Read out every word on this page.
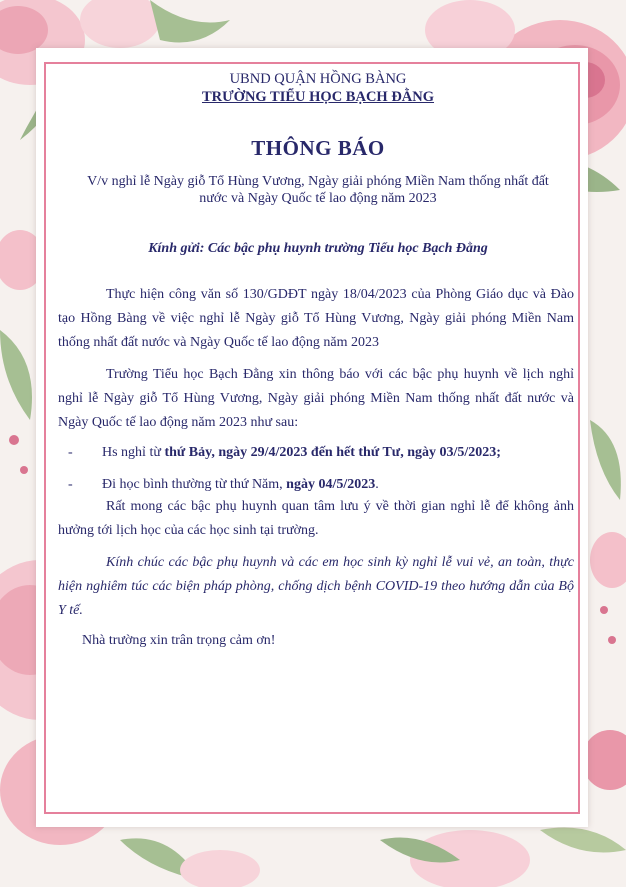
UBND QUẬN HỒNG BÀNG
TRƯỜNG TIỂU HỌC BẠCH ĐẰNG
THÔNG BÁO
V/v nghỉ lễ Ngày giỗ Tổ Hùng Vương, Ngày giải phóng Miền Nam thống nhất đất nước và Ngày Quốc tế lao động năm 2023
Kính gửi: Các bậc phụ huynh trường Tiểu học Bạch Đằng

Thực hiện công văn số 130/GDĐT ngày 18/04/2023 của Phòng Giáo dục và Đào tạo Hồng Bàng về việc nghỉ lễ Ngày giỗ Tổ Hùng Vương, Ngày giải phóng Miền Nam thống nhất đất nước và Ngày Quốc tế lao động năm 2023

Trường Tiểu học Bạch Đằng xin thông báo với các bậc phụ huynh về lịch nghỉ nghỉ lễ Ngày giỗ Tổ Hùng Vương, Ngày giải phóng Miền Nam thống nhất đất nước và Ngày Quốc tế lao động năm 2023 như sau:

- Hs nghỉ từ thứ Bảy, ngày 29/4/2023 đến hết thứ Tư, ngày 03/5/2023;
- Đi học bình thường từ thứ Năm, ngày 04/5/2023.

Rất mong các bậc phụ huynh quan tâm lưu ý về thời gian nghỉ lễ để không ảnh hưởng tới lịch học của các học sinh tại trường.

Kính chúc các bậc phụ huynh và các em học sinh kỳ nghỉ lễ vui vẻ, an toàn, thực hiện nghiêm túc các biện pháp phòng, chống dịch bệnh COVID-19 theo hướng dẫn của Bộ Y tế.

Nhà trường xin trân trọng cảm ơn!
